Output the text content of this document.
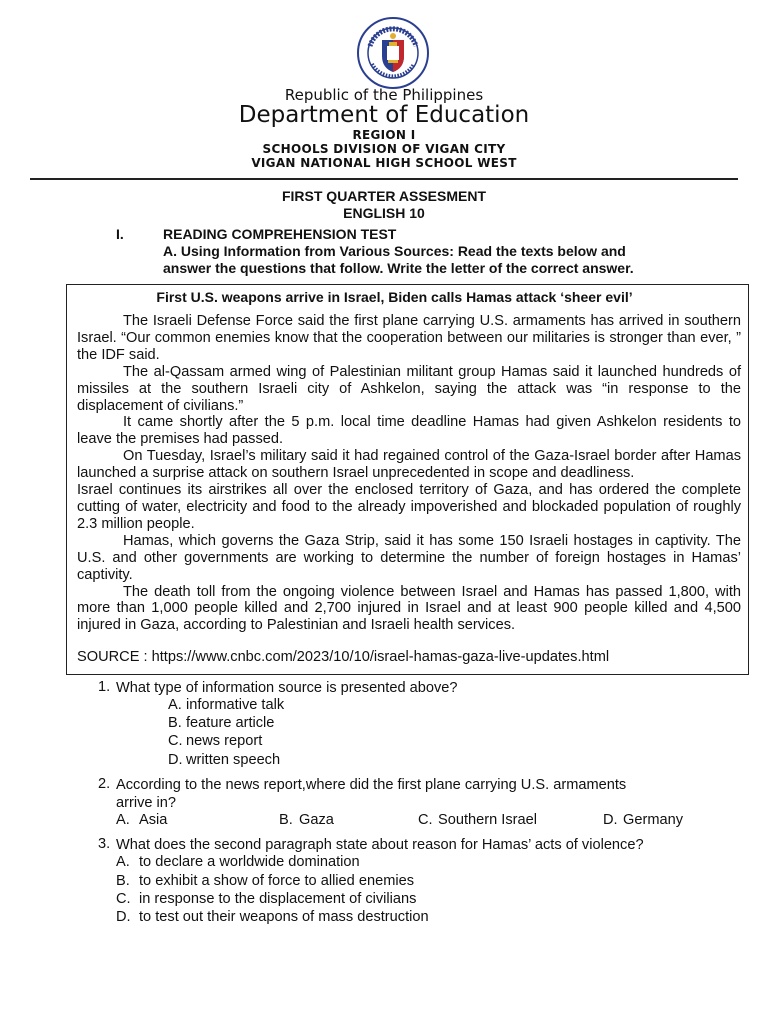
Republic of the Philippines
Department of Education
REGION I
SCHOOLS DIVISION OF VIGAN CITY
VIGAN NATIONAL HIGH SCHOOL WEST
FIRST QUARTER ASSESMENT
ENGLISH 10
I.	READING COMPREHENSION TEST
A. Using Information from Various Sources: Read the texts below and
answer the questions that follow. Write the letter of the correct answer.
First U.S. weapons arrive in Israel, Biden calls Hamas attack ‘sheer evil’

The Israeli Defense Force said the first plane carrying U.S. armaments has arrived in southern Israel. “Our common enemies know that the cooperation between our militaries is stronger than ever, ” the IDF said.

The al-Qassam armed wing of Palestinian militant group Hamas said it launched hundreds of missiles at the southern Israeli city of Ashkelon, saying the attack was “in response to the displacement of civilians.”

It came shortly after the 5 p.m. local time deadline Hamas had given Ashkelon residents to leave the premises had passed.

On Tuesday, Israel’s military said it had regained control of the Gaza-Israel border after Hamas launched a surprise attack on southern Israel unprecedented in scope and deadliness.

Israel continues its airstrikes all over the enclosed territory of Gaza, and has ordered the complete cutting of water, electricity and food to the already impoverished and blockaded population of roughly 2.3 million people.

Hamas, which governs the Gaza Strip, said it has some 150 Israeli hostages in captivity. The U.S. and other governments are working to determine the number of foreign hostages in Hamas’ captivity.

The death toll from the ongoing violence between Israel and Hamas has passed 1,800, with more than 1,000 people killed and 2,700 injured in Israel and at least 900 people killed and 4,500 injured in Gaza, according to Palestinian and Israeli health services.

SOURCE : https://www.cnbc.com/2023/10/10/israel-hamas-gaza-live-updates.html
1. What type of information source is presented above?
A. informative talk
B. feature article
C. news report
D. written speech
2. According to the news report,where did the first plane carrying U.S. armaments
arrive in?
A. Asia	B. Gaza	C. Southern Israel	D. Germany
3. What does the second paragraph state about reason for Hamas’ acts of violence?
A. to declare a worldwide domination
B. to exhibit a show of force to allied enemies
C. in response to the displacement of civilians
D. to test out their weapons of mass destruction
